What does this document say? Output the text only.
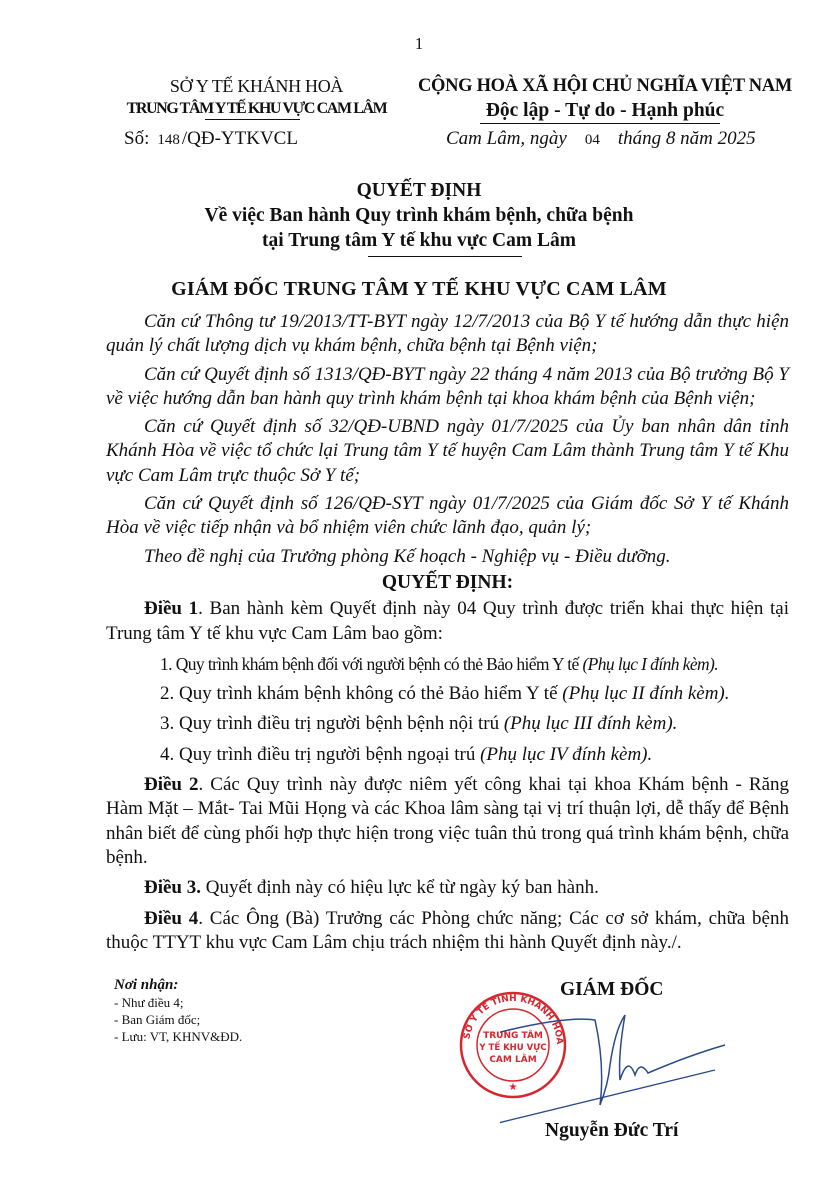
1
SỞ Y TẾ KHÁNH HOÀ
TRUNG TÂM Y TẾ KHU VỰC CAM LÂM
CỘNG HOÀ XÃ HỘI CHỦ NGHĨA VIỆT NAM
Độc lập - Tự do - Hạnh phúc
Số: 148 /QĐ-YTKVCL	Cam Lâm, ngày 04 tháng 8 năm 2025
QUYẾT ĐỊNH
Về việc Ban hành Quy trình khám bệnh, chữa bệnh
tại Trung tâm Y tế khu vực Cam Lâm
GIÁM ĐỐC TRUNG TÂM Y TẾ KHU VỰC CAM LÂM

Căn cứ Thông tư 19/2013/TT-BYT ngày 12/7/2013 của Bộ Y tế hướng dẫn thực hiện quản lý chất lượng dịch vụ khám bệnh, chữa bệnh tại Bệnh viện;

Căn cứ Quyết định số 1313/QĐ-BYT ngày 22 tháng 4 năm 2013 của Bộ trưởng Bộ Y về việc hướng dẫn ban hành quy trình khám bệnh tại khoa khám bệnh của Bệnh viện;

Căn cứ Quyết định số 32/QĐ-UBND ngày 01/7/2025 của Ủy ban nhân dân tỉnh Khánh Hòa về việc tổ chức lại Trung tâm Y tế huyện Cam Lâm thành Trung tâm Y tế Khu vực Cam Lâm trực thuộc Sở Y tế;

Căn cứ Quyết định số 126/QĐ-SYT ngày 01/7/2025 của Giám đốc Sở Y tế Khánh Hòa về việc tiếp nhận và bổ nhiệm viên chức lãnh đạo, quản lý;

Theo đề nghị của Trưởng phòng Kế hoạch - Nghiệp vụ - Điều dưỡng.

QUYẾT ĐỊNH:

Điều 1. Ban hành kèm Quyết định này 04 Quy trình được triển khai thực hiện tại Trung tâm Y tế khu vực Cam Lâm bao gồm:

1. Quy trình khám bệnh đối với người bệnh có thẻ Bảo hiểm Y tế (Phụ lục I đính kèm).

2. Quy trình khám bệnh không có thẻ Bảo hiểm Y tế (Phụ lục II đính kèm).

3. Quy trình điều trị người bệnh bệnh nội trú (Phụ lục III đính kèm).

4. Quy trình điều trị người bệnh ngoại trú (Phụ lục IV đính kèm).

Điều 2. Các Quy trình này được niêm yết công khai tại khoa Khám bệnh - Răng Hàm Mặt – Mắt- Tai Mũi Họng và các Khoa lâm sàng tại vị trí thuận lợi, dễ thấy để Bệnh nhân biết để cùng phối hợp thực hiện trong việc tuân thủ trong quá trình khám bệnh, chữa bệnh.

Điều 3. Quyết định này có hiệu lực kể từ ngày ký ban hành.

Điều 4. Các Ông (Bà) Trưởng các Phòng chức năng; Các cơ sở khám, chữa bệnh thuộc TTYT khu vực Cam Lâm chịu trách nhiệm thi hành Quyết định này./.

Nơi nhận:
- Như điều 4;
- Ban Giám đốc;
- Lưu: VT, KHNV&ĐD.
GIÁM ĐỐC
SỞ Y TẾ TỈNH KHÁNH HÒA
TRUNG TÂM
Y TẾ KHU VỰC
CAM LÂM
★
Nguyễn Đức Trí
